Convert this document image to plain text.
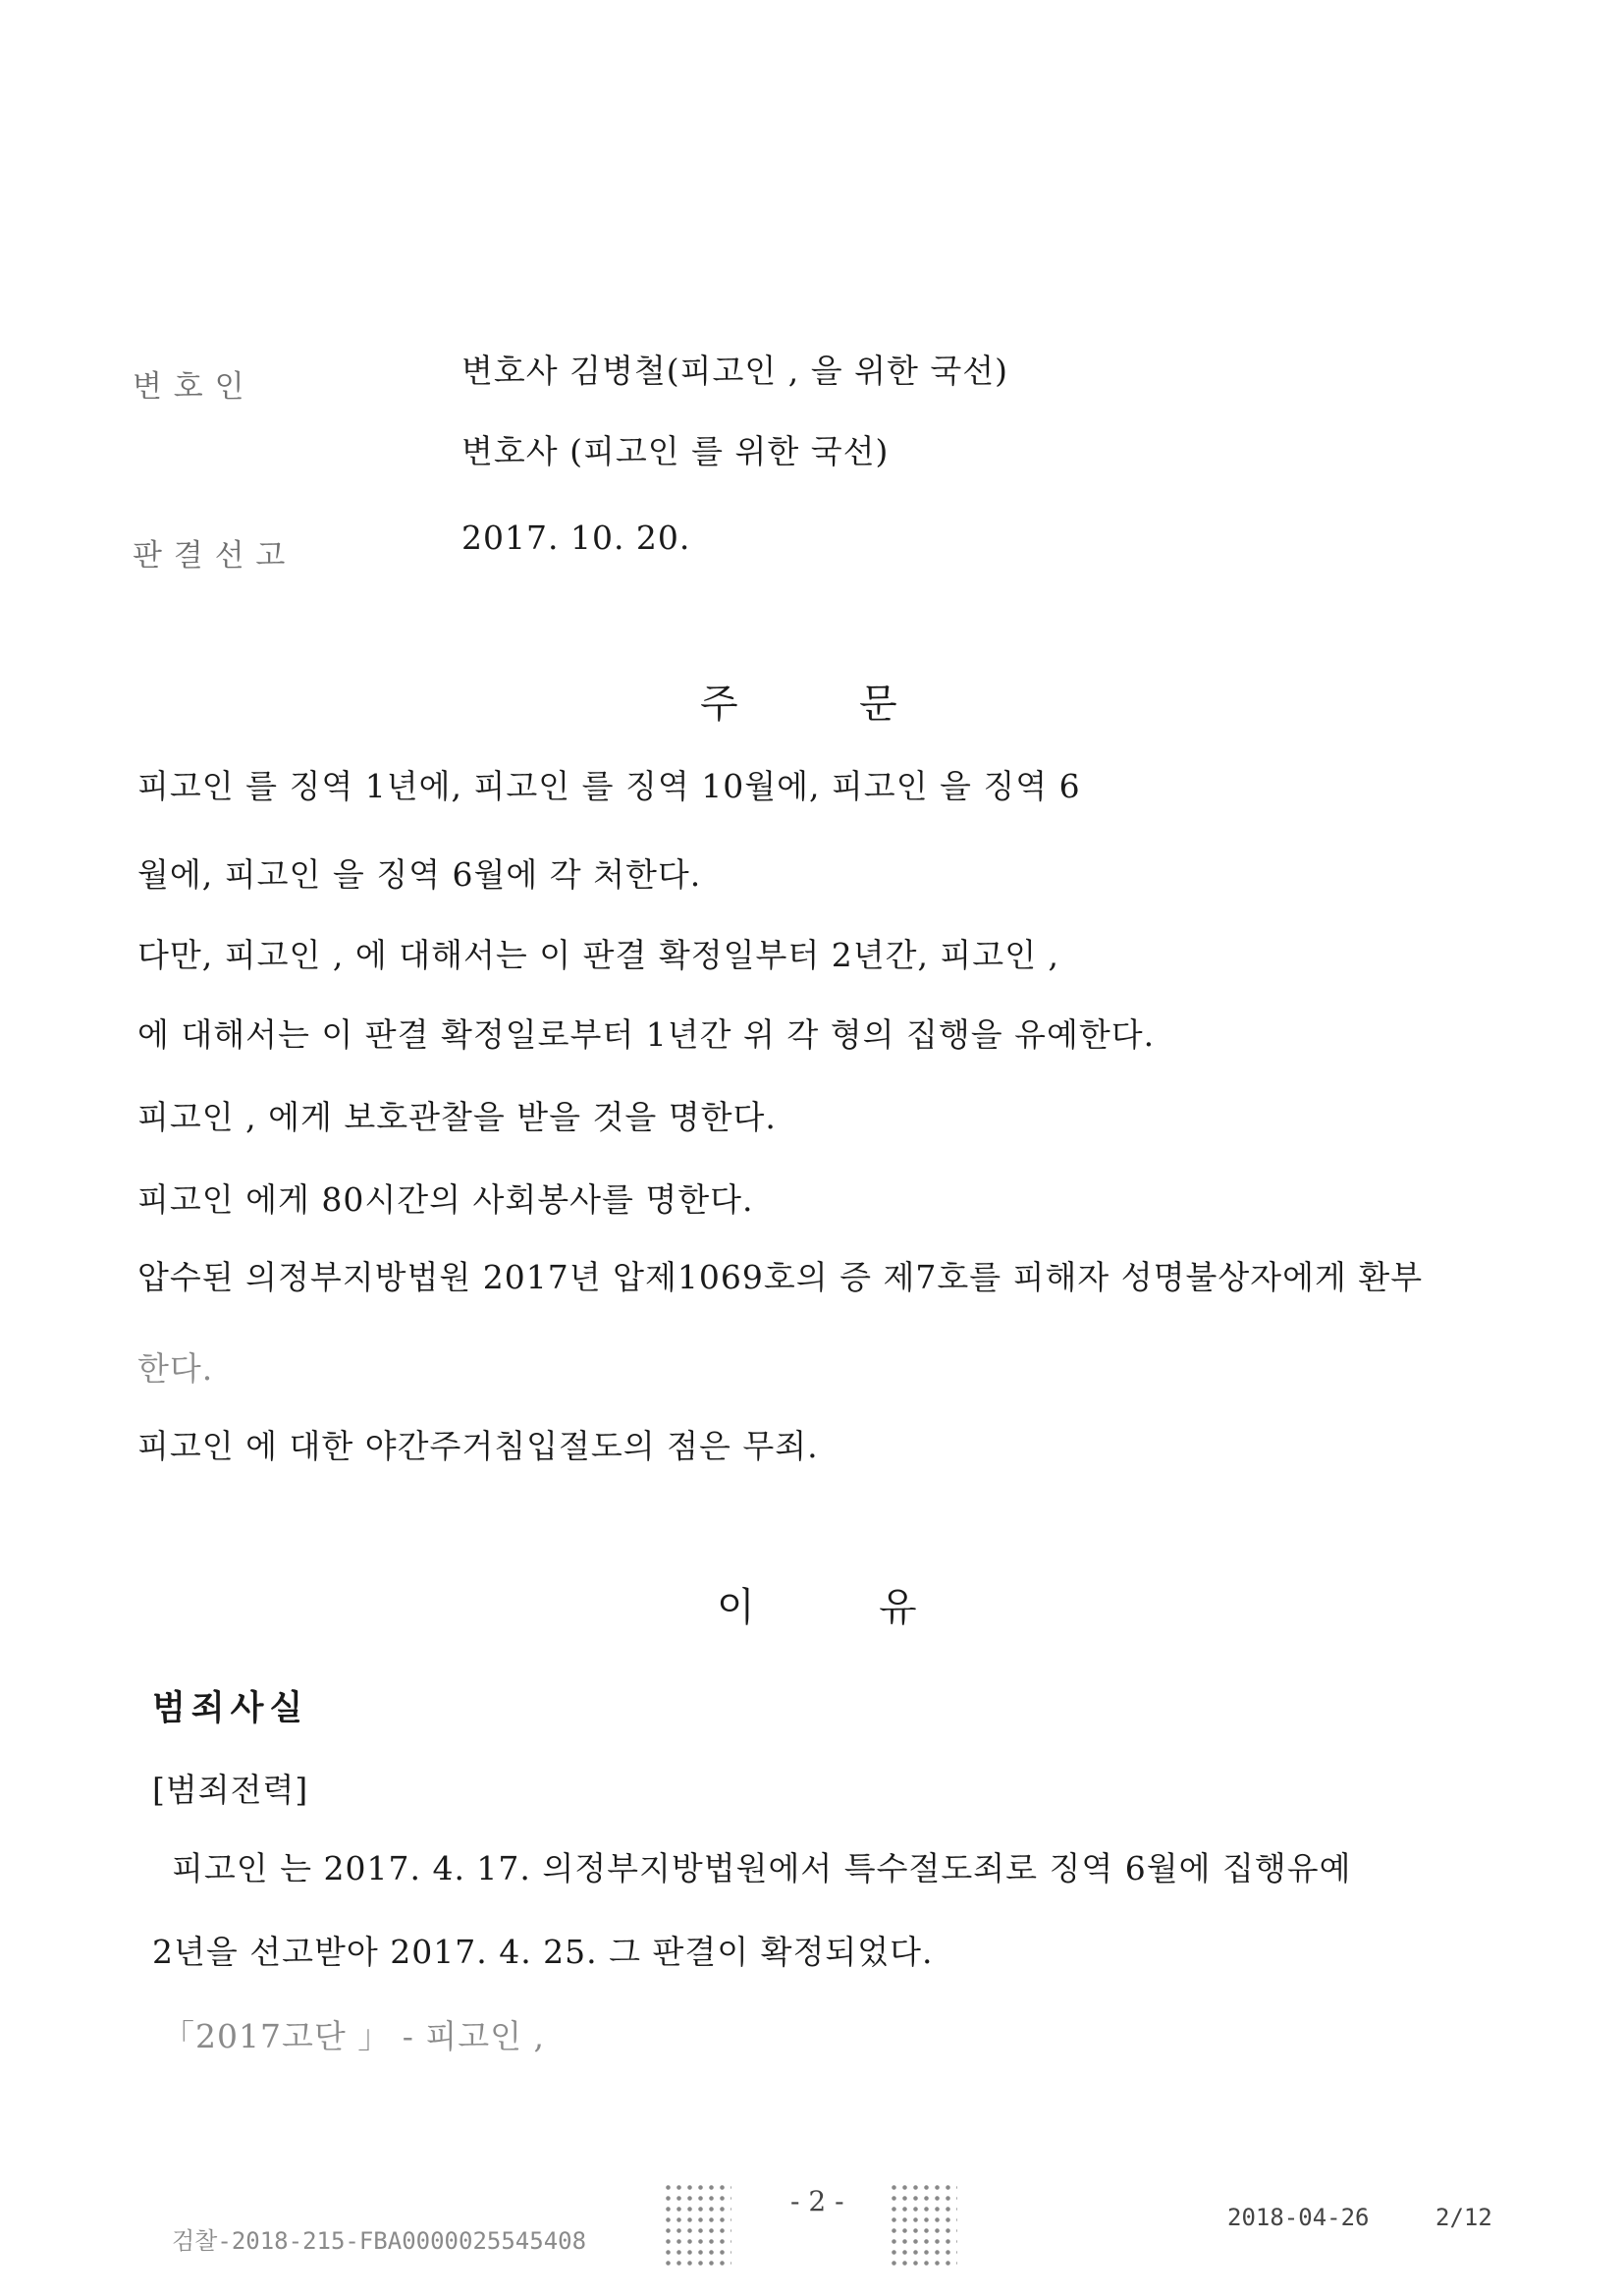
변 호 인	변호사 김병철(피고인 , 을 위한 국선)
변호사 (피고인 를 위한 국선)
판 결 선 고	2017. 10. 20.
주	문
피고인 를 징역 1년에, 피고인 를 징역 10월에, 피고인 을 징역 6
월에, 피고인 을 징역 6월에 각 처한다.
다만, 피고인 , 에 대해서는 이 판결 확정일부터 2년간, 피고인 ,
에 대해서는 이 판결 확정일로부터 1년간 위 각 형의 집행을 유예한다.
피고인 , 에게 보호관찰을 받을 것을 명한다.
피고인 에게 80시간의 사회봉사를 명한다.
압수된 의정부지방법원 2017년 압제1069호의 증 제7호를 피해자 성명불상자에게 환부
한다.
피고인 에 대한 야간주거침입절도의 점은 무죄.
이	유
범죄사실
[범죄전력]
피고인 는 2017. 4. 17. 의정부지방법원에서 특수절도죄로 징역 6월에 집행유예
2년을 선고받아 2017. 4. 25. 그 판결이 확정되었다.
「2017고단 」 - 피고인 ,
- 2 -
검찰-2018-215-FBA0000025545408
2018-04-26	2/12
